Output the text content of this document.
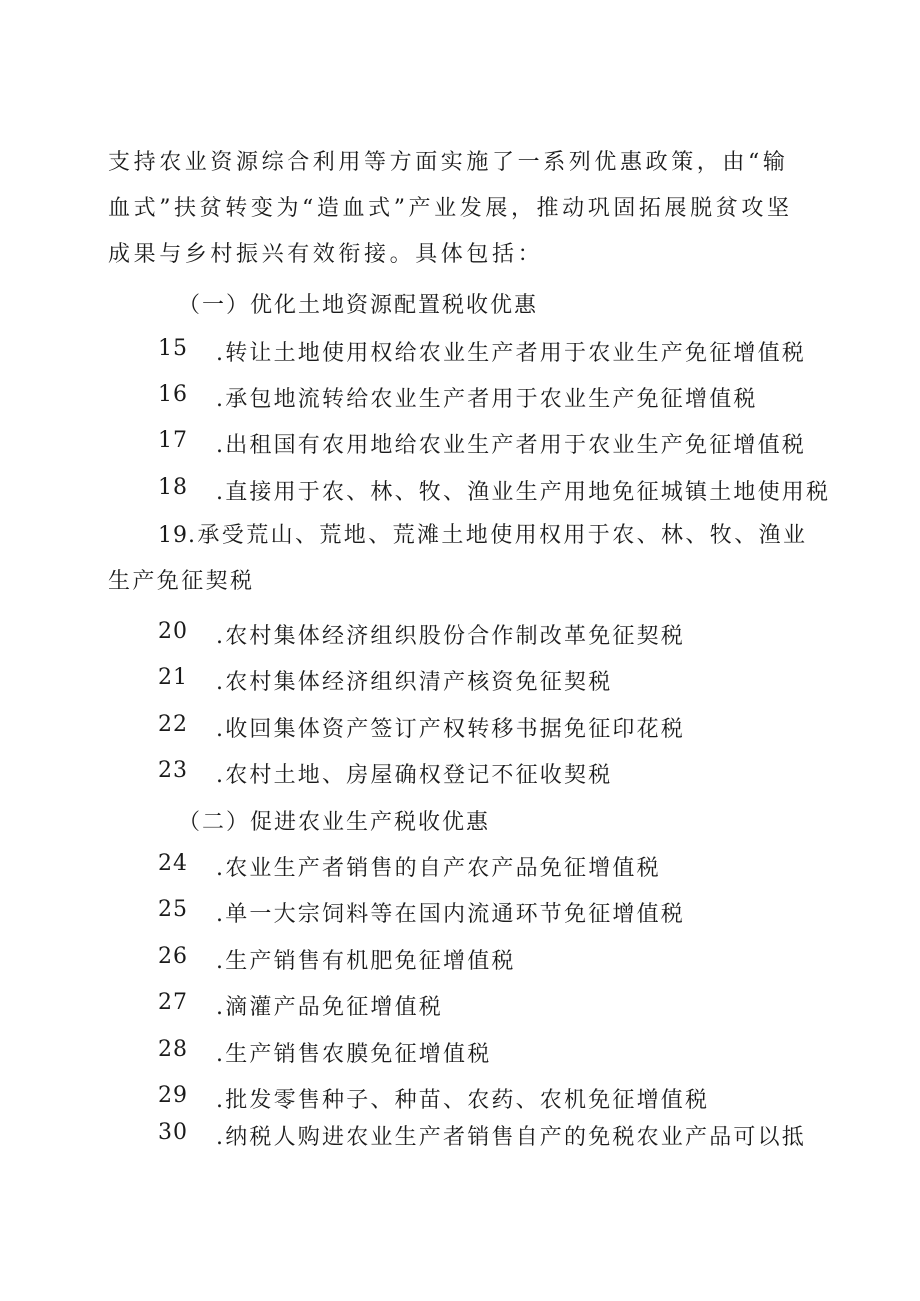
支持农业资源综合利用等方面实施了一系列优惠政策，由“输血式”扶贫转变为“造血式”产业发展，推动巩固拓展脱贫攻坚成果与乡村振兴有效衔接。具体包括：

（一）优化土地资源配置税收优惠
15 .转让土地使用权给农业生产者用于农业生产免征增值税
16 .承包地流转给农业生产者用于农业生产免征增值税
17 .出租国有农用地给农业生产者用于农业生产免征增值税
18 .直接用于农、林、牧、渔业生产用地免征城镇土地使用税

19.承受荒山、荒地、荒滩土地使用权用于农、林、牧、渔业生产免征契税

20 .农村集体经济组织股份合作制改革免征契税
21 .农村集体经济组织清产核资免征契税
22 .收回集体资产签订产权转移书据免征印花税
23 .农村土地、房屋确权登记不征收契税
（二）促进农业生产税收优惠
24 .农业生产者销售的自产农产品免征增值税
25 .单一大宗饲料等在国内流通环节免征增值税
26 .生产销售有机肥免征增值税
27 .滴灌产品免征增值税
28 .生产销售农膜免征增值税
29 .批发零售种子、种苗、农药、农机免征增值税
30 .纳税人购进农业生产者销售自产的免税农业产品可以抵
